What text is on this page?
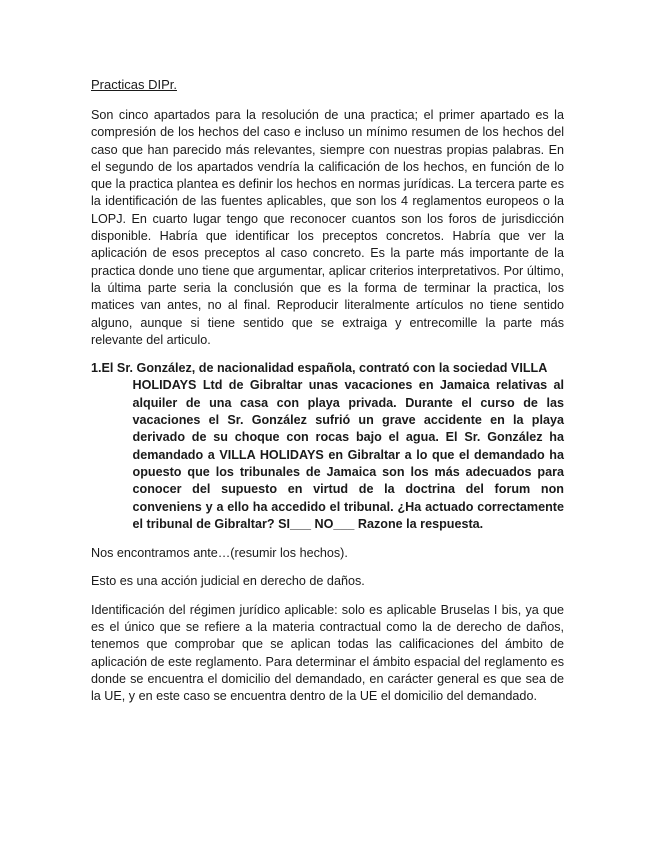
Practicas DIPr.

Son cinco apartados para la resolución de una practica; el primer apartado es la compresión de los hechos del caso e incluso un mínimo resumen de los hechos del caso que han parecido más relevantes, siempre con nuestras propias palabras. En el segundo de los apartados vendría la calificación de los hechos, en función de lo que la practica plantea es definir los hechos en normas jurídicas. La tercera parte es la identificación de las fuentes aplicables, que son los 4 reglamentos europeos o la LOPJ. En cuarto lugar tengo que reconocer cuantos son los foros de jurisdicción disponible. Habría que identificar los preceptos concretos. Habría que ver la aplicación de esos preceptos al caso concreto. Es la parte más importante de la practica donde uno tiene que argumentar, aplicar criterios interpretativos. Por último, la última parte seria la conclusión que es la forma de terminar la practica, los matices van antes, no al final. Reproducir literalmente artículos no tiene sentido alguno, aunque si tiene sentido que se extraiga y entrecomille la parte más relevante del articulo.

1. El Sr. González, de nacionalidad española, contrató con la sociedad VILLA
HOLIDAYS Ltd de Gibraltar unas vacaciones en Jamaica relativas al alquiler de una casa con playa privada. Durante el curso de las vacaciones el Sr. González sufrió un grave accidente en la playa derivado de su choque con rocas bajo el agua. El Sr. González ha demandado a VILLA HOLIDAYS en Gibraltar a lo que el demandado ha opuesto que los tribunales de Jamaica son los más adecuados para conocer del supuesto en virtud de la doctrina del forum non conveniens y a ello ha accedido el tribunal. ¿Ha actuado correctamente el tribunal de Gibraltar? SI___ NO___ Razone la respuesta.

Nos encontramos ante…(resumir los hechos).

Esto es una acción judicial en derecho de daños.

Identificación del régimen jurídico aplicable: solo es aplicable Bruselas I bis, ya que es el único que se refiere a la materia contractual como la de derecho de daños, tenemos que comprobar que se aplican todas las calificaciones del ámbito de aplicación de este reglamento. Para determinar el ámbito espacial del reglamento es donde se encuentra el domicilio del demandado, en carácter general es que sea de la UE, y en este caso se encuentra dentro de la UE el domicilio del demandado.
